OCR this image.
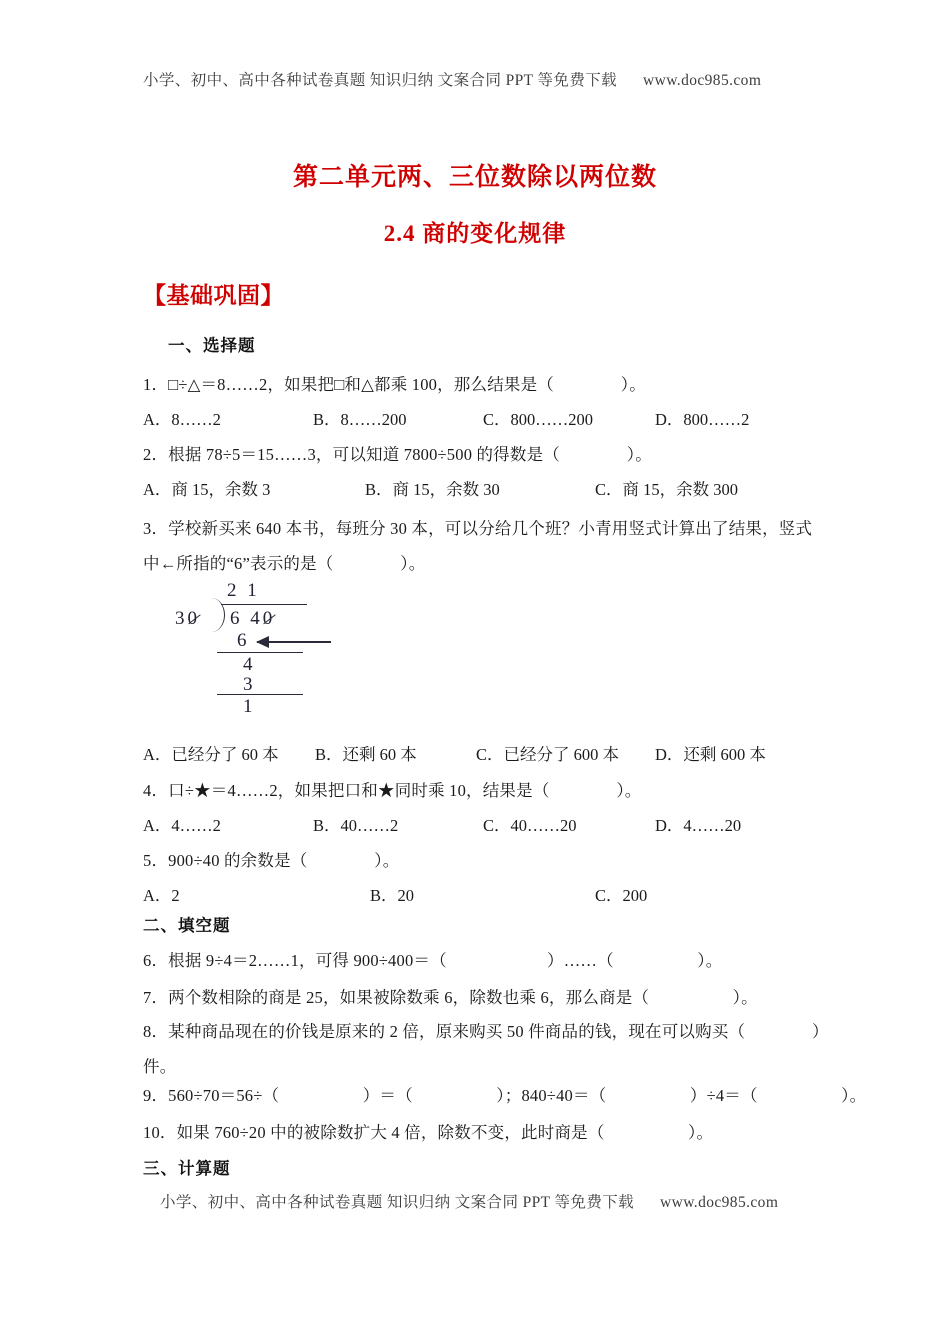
小学、初中、高中各种试卷真题 知识归纳 文案合同 PPT 等免费下载 www.doc985.com
第二单元两、三位数除以两位数
2.4 商的变化规律
【基础巩固】
一、选择题
1．□÷△＝8……2，如果把□和△都乘 100，那么结果是（　　　　）。
A．8……2	B．8……200	C．800……200	D．800……2
2．根据 78÷5＝15……3，可以知道 7800÷500 的得数是（　　　　）。
A．商 15，余数 3	B．商 15，余数 30	C．商 15，余数 300
3．学校新买来 640 本书，每班分 30 本，可以分给几个班？小青用竖式计算出了结果，竖式中←所指的“6”表示的是（　　　　）。
2 1
30 6 40
6
4
3
1
A．已经分了 60 本 B．还剩 60 本	C．已经分了 600 本 D．还剩 600 本
4．口÷★＝4……2，如果把口和★同时乘 10，结果是（　　　　）。
A．4……2	B．40……2	C．40……20	D．4……20
5．900÷40 的余数是（　　　　）。
A．2	B．20	C．200
二、填空题
6．根据 9÷4＝2……1，可得 900÷400＝（　　　　　　）……（　　　　　）。
7．两个数相除的商是 25，如果被除数乘 6，除数也乘 6，那么商是（　　　　　）。
8．某种商品现在的价钱是原来的 2 倍，原来购买 50 件商品的钱，现在可以购买（　　　　）件。
9．560÷70＝56÷（　　　　　）＝（　　　　　）；840÷40＝（　　　　　）÷4＝（　　　　　）。
10．如果 760÷20 中的被除数扩大 4 倍，除数不变，此时商是（　　　　　）。
三、计算题
小学、初中、高中各种试卷真题 知识归纳 文案合同 PPT 等免费下载 www.doc985.com
